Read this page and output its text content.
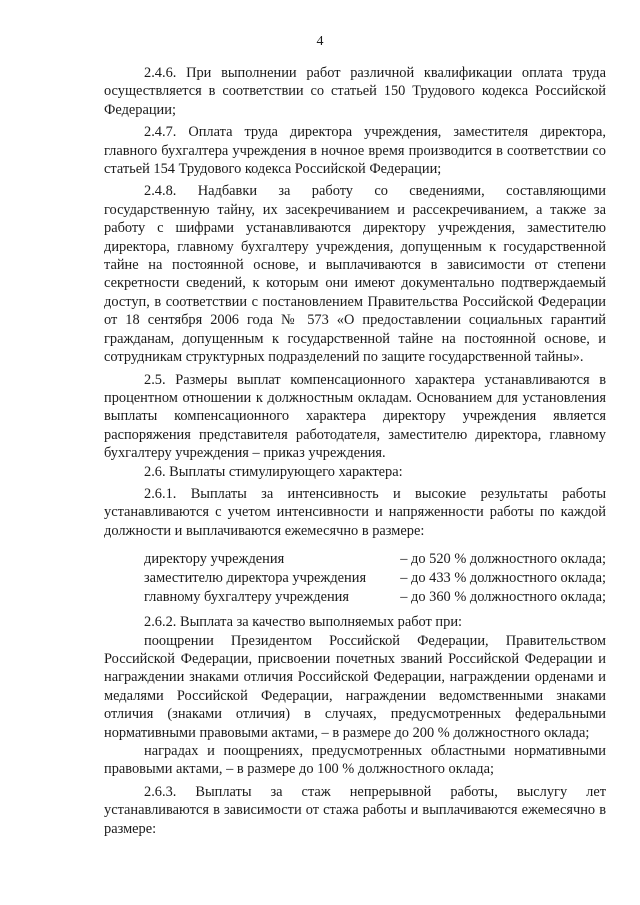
4

2.4.6. При выполнении работ различной квалификации оплата труда осуществляется в соответствии со статьей 150 Трудового кодекса Российской Федерации;

2.4.7. Оплата труда директора учреждения, заместителя директора, главного бухгалтера учреждения в ночное время производится в соответствии со статьей 154 Трудового кодекса Российской Федерации;

2.4.8. Надбавки за работу со сведениями, составляющими государственную тайну, их засекречиванием и рассекречиванием, а также за работу с шифрами устанавливаются директору учреждения, заместителю директора, главному бухгалтеру учреждения, допущенным к государственной тайне на постоянной основе, и выплачиваются в зависимости от степени секретности сведений, к которым они имеют документально подтверждаемый доступ, в соответствии с постановлением Правительства Российской Федерации от 18 сентября 2006 года № 573 «О предоставлении социальных гарантий гражданам, допущенным к государственной тайне на постоянной основе, и сотрудникам структурных подразделений по защите государственной тайны».

2.5. Размеры выплат компенсационного характера устанавливаются в процентном отношении к должностным окладам. Основанием для установления выплаты компенсационного характера директору учреждения является распоряжения представителя работодателя, заместителю директора, главному бухгалтеру учреждения – приказ учреждения.

2.6. Выплаты стимулирующего характера:

2.6.1. Выплаты за интенсивность и высокие результаты работы устанавливаются с учетом интенсивности и напряженности работы по каждой должности и выплачиваются ежемесячно в размере:

директору учреждения	– до 520 % должностного оклада;
заместителю директора учреждения	– до 433 % должностного оклада;
главному бухгалтеру учреждения	– до 360 % должностного оклада;

2.6.2. Выплата за качество выполняемых работ при:

поощрении Президентом Российской Федерации, Правительством Российской Федерации, присвоении почетных званий Российской Федерации и награждении знаками отличия Российской Федерации, награждении орденами и медалями Российской Федерации, награждении ведомственными знаками отличия (знаками отличия) в случаях, предусмотренных федеральными нормативными правовыми актами, – в размере до 200 % должностного оклада;

наградах и поощрениях, предусмотренных областными нормативными правовыми актами, – в размере до 100 % должностного оклада;

2.6.3. Выплаты за стаж непрерывной работы, выслугу лет устанавливаются в зависимости от стажа работы и выплачиваются ежемесячно в размере:
